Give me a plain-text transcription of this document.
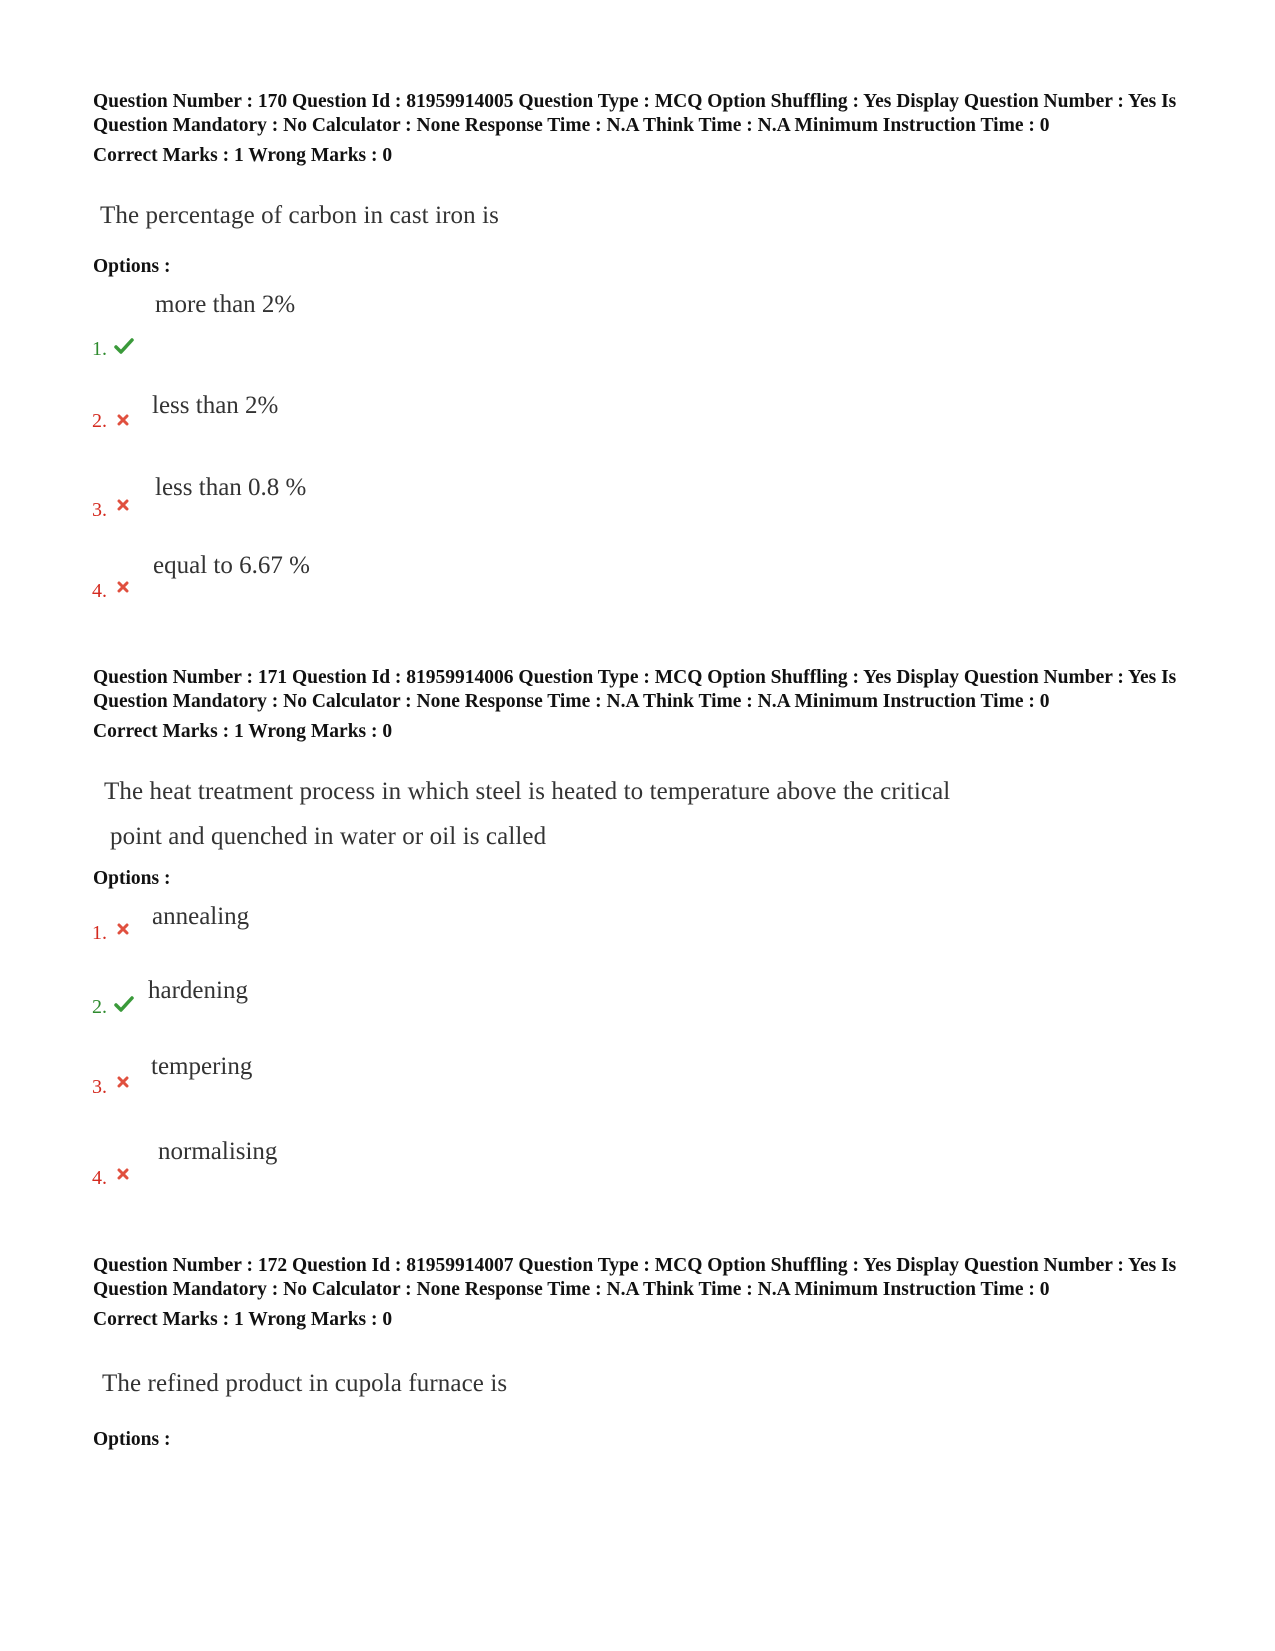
Question Number : 170 Question Id : 81959914005 Question Type : MCQ Option Shuffling : Yes Display Question Number : Yes Is Question Mandatory : No Calculator : None Response Time : N.A Think Time : N.A Minimum Instruction Time : 0

Correct Marks : 1 Wrong Marks : 0
The percentage of carbon in cast iron is
Options :
more than 2%
1.
2.
less than 2%
less than 0.8 %
3.
equal to 6.67 %
4.

Question Number : 171 Question Id : 81959914006 Question Type : MCQ Option Shuffling : Yes Display Question Number : Yes Is Question Mandatory : No Calculator : None Response Time : N.A Think Time : N.A Minimum Instruction Time : 0

Correct Marks : 1 Wrong Marks : 0
The heat treatment process in which steel is heated to temperature above the critical
point and quenched in water or oil is called
Options :
1.
annealing
2.
hardening
tempering
3.
normalising
4.

Question Number : 172 Question Id : 81959914007 Question Type : MCQ Option Shuffling : Yes Display Question Number : Yes Is Question Mandatory : No Calculator : None Response Time : N.A Think Time : N.A Minimum Instruction Time : 0

Correct Marks : 1 Wrong Marks : 0
The refined product in cupola furnace is
Options :
